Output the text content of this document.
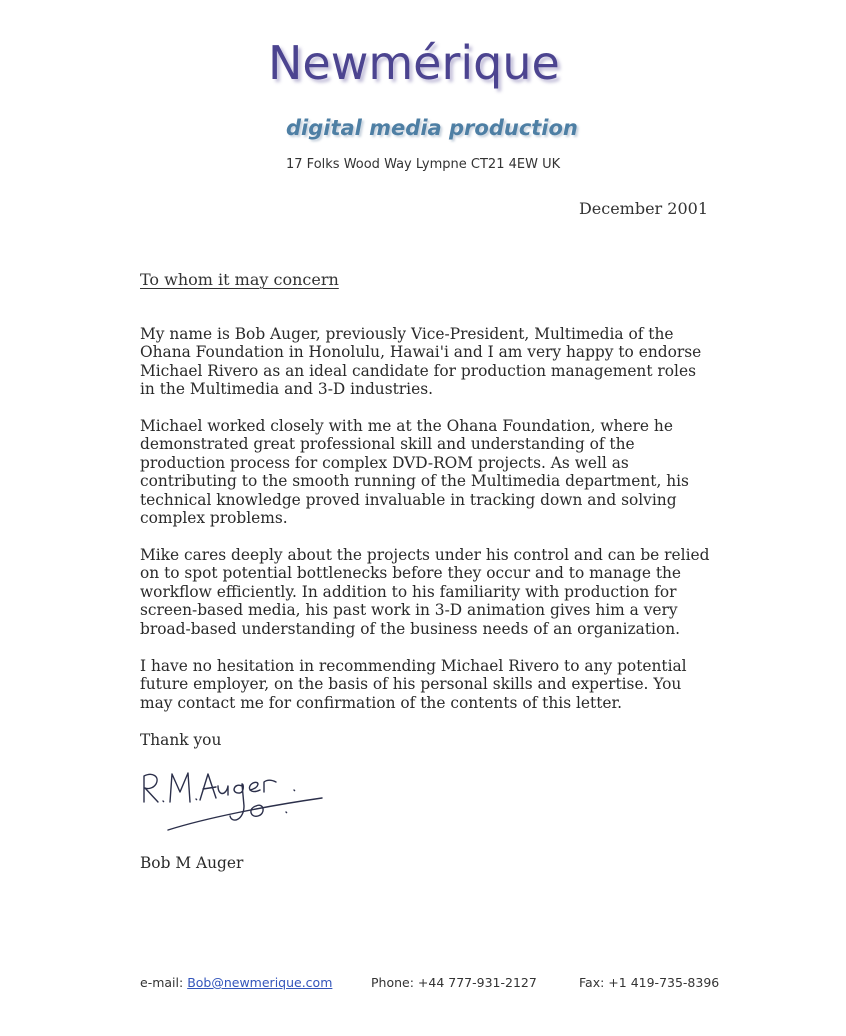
Newmérique
digital media production
17 Folks Wood Way Lympne CT21 4EW UK
December 2001
To whom it may concern

My name is Bob Auger, previously Vice-President, Multimedia of the Ohana Foundation in Honolulu, Hawai'i and I am very happy to endorse Michael Rivero as an ideal candidate for production management roles in the Multimedia and 3-D industries.

Michael worked closely with me at the Ohana Foundation, where he demonstrated great professional skill and understanding of the production process for complex DVD-ROM projects. As well as contributing to the smooth running of the Multimedia department, his technical knowledge proved invaluable in tracking down and solving complex problems.

Mike cares deeply about the projects under his control and can be relied on to spot potential bottlenecks before they occur and to manage the workflow efficiently. In addition to his familiarity with production for screen-based media, his past work in 3-D animation gives him a very broad-based understanding of the business needs of an organization.

I have no hesitation in recommending Michael Rivero to any potential future employer, on the basis of his personal skills and expertise. You may contact me for confirmation of the contents of this letter.

Thank you
Bob M Auger
e-mail: Bob@newmerique.com	Phone: +44 777-931-2127	Fax: +1 419-735-8396
